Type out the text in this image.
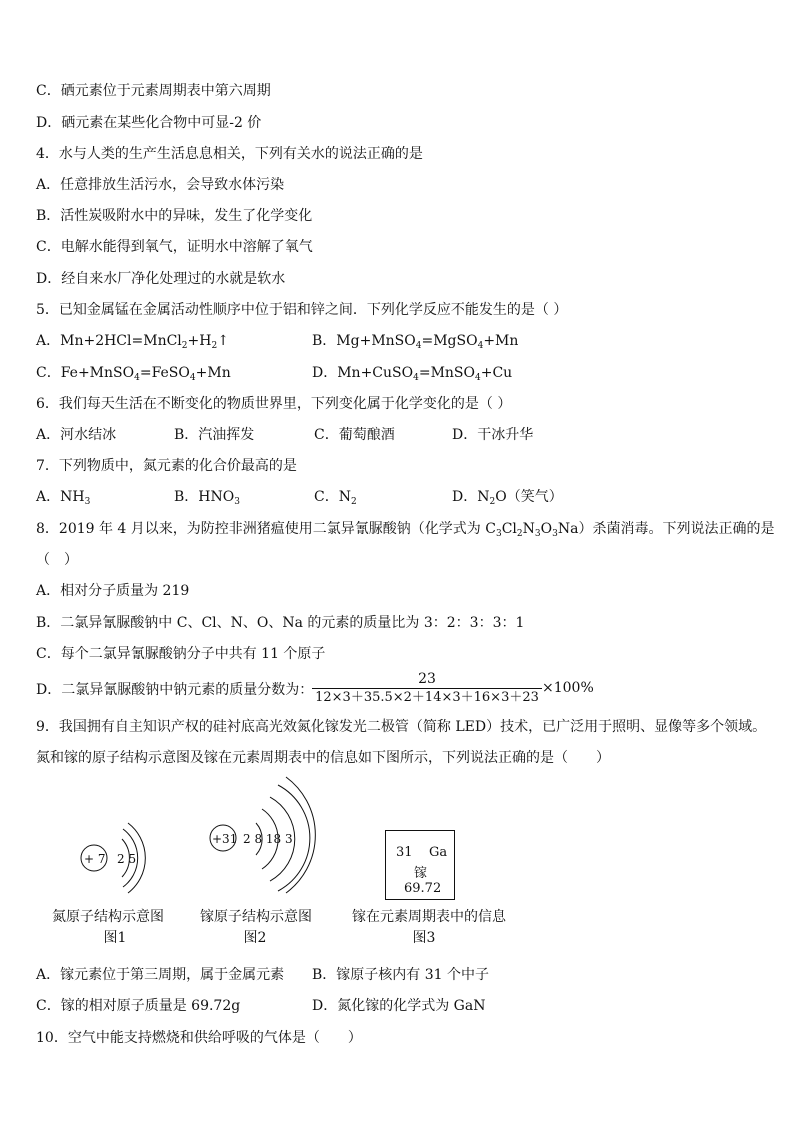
C．硒元素位于元素周期表中第六周期
D．硒元素在某些化合物中可显-2 价
4．水与人类的生产生活息息相关，下列有关水的说法正确的是
A．任意排放生活污水，会导致水体污染
B．活性炭吸附水中的异味，发生了化学变化
C．电解水能得到氧气，证明水中溶解了氧气
D．经自来水厂净化处理过的水就是软水
5．已知金属锰在金属活动性顺序中位于铝和锌之间．下列化学反应不能发生的是（ ）
A．$Mn+2HCl=MnCl_2+H_2↑$	B．Mg+MnSO$_4$=MgSO$_4$+Mn
C．Fe+MnSO$_4$=FeSO$_4$+Mn	D．Mn+CuSO$_4$=MnSO$_4$+Cu
6．我们每天生活在不断变化的物质世界里，下列变化属于化学变化的是（ ）
A．河水结冰	B．汽油挥发	C．葡萄酿酒	D．干冰升华
7．下列物质中，氮元素的化合价最高的是
A．$NH_3$	B．$HNO_3$	C．$N_2$	D．$N_2O$（笑气）
8．2019 年 4 月以来，为防控非洲猪瘟使用二氯异氰脲酸钠（化学式为 $C_3Cl_2N_3O_3Na$）杀菌消毒。下列说法正确的是
（　）
A．相对分子质量为 219
B．二氯异氰脲酸钠中 C、Cl、N、O、Na 的元素的质量比为 3：2：3：3：1
C．每个二氯异氰脲酸钠分子中共有 11 个原子
D．二氯异氰脲酸钠中钠元素的质量分数为：
23
12×3＋35.5×2＋14×3＋16×3＋23
×100%
9．我国拥有自主知识产权的硅衬底高光效氮化镓发光二极管（简称 LED）技术，已广泛用于照明、显像等多个领域。
氮和镓的原子结构示意图及镓在元素周期表中的信息如下图所示，下列说法正确的是（　　）
+ 7 2 5
氮原子结构示意图
图1
+31 2 8 18 3
镓原子结构示意图
图2
31 Ga
镓
69.72
镓在元素周期表中的信息
图3
A．镓元素位于第三周期，属于金属元素 B．镓原子核内有 31 个中子
C．镓的相对原子质量是 69.72g	D．氮化镓的化学式为 GaN
10．空气中能支持燃烧和供给呼吸的气体是（　　）
